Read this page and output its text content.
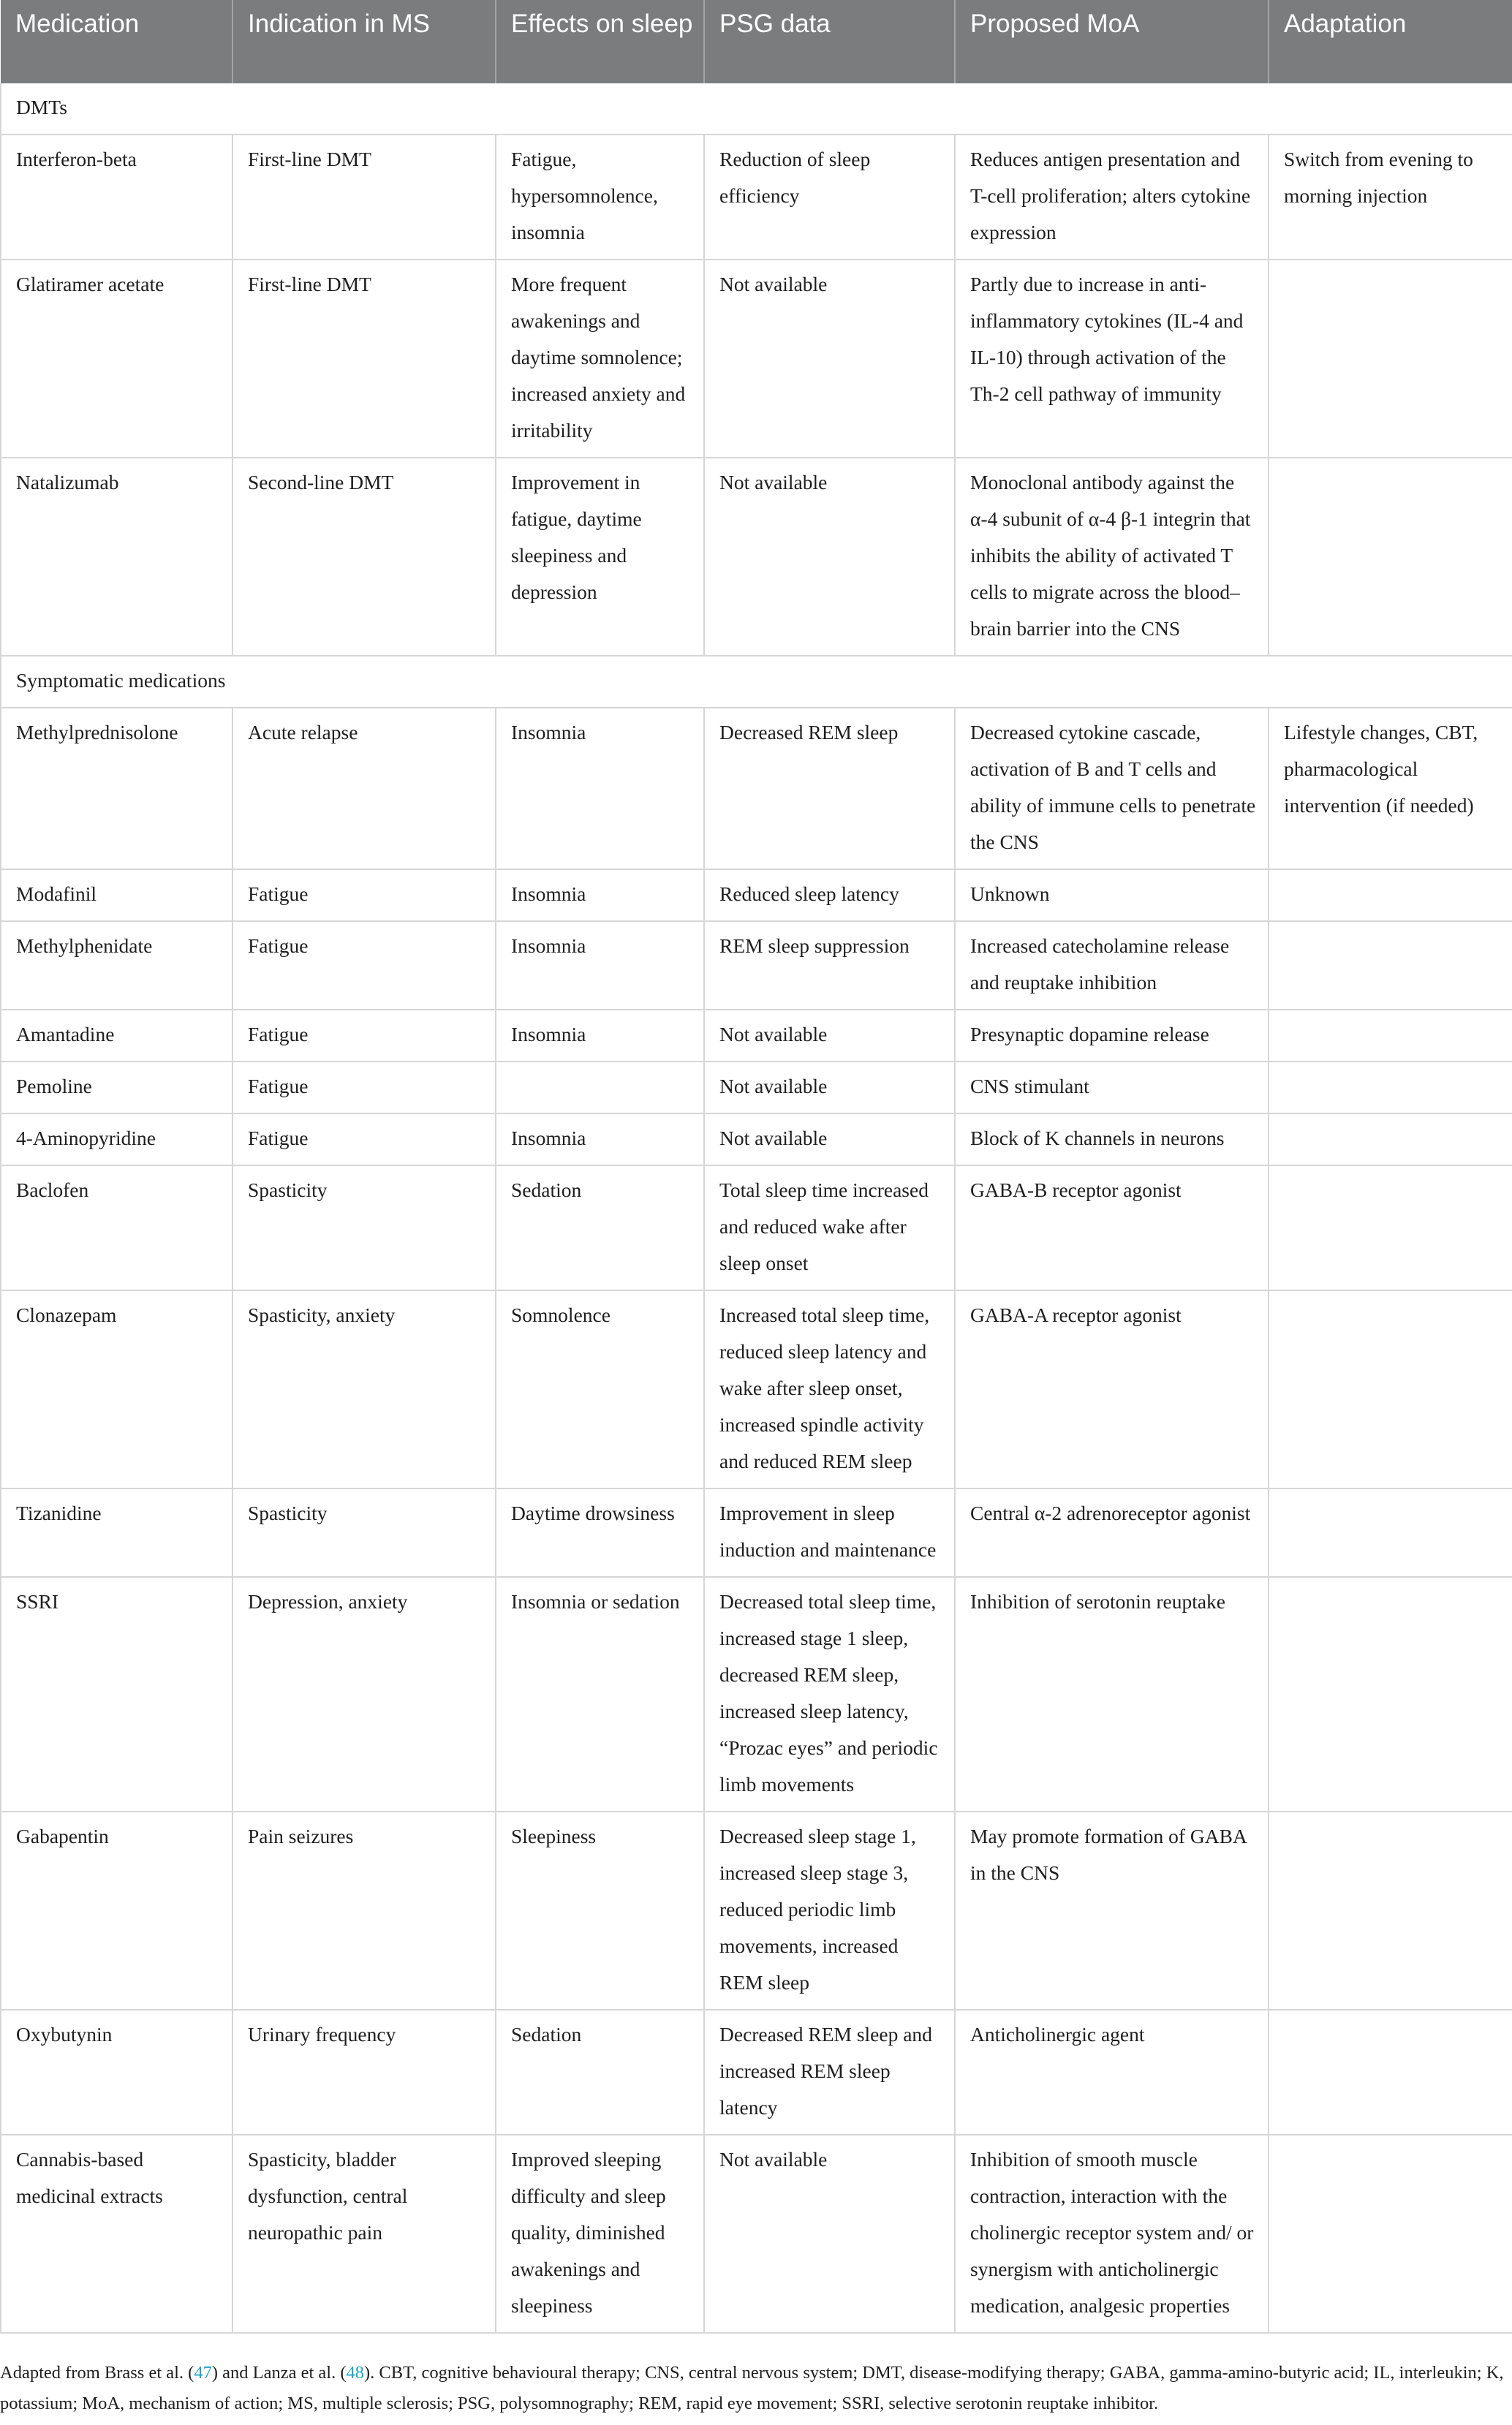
Medication	Indication in MS	Effects on sleep	PSG data	Proposed MoA	Adaptation
DMTs					
Interferon-beta	First-line DMT	Fatigue, hypersomnolence, insomnia	Reduction of sleep efficiency	Reduces antigen presentation and T-cell proliferation; alters cytokine expression	Switch from evening to morning injection
Glatiramer acetate	First-line DMT	More frequent awakenings and daytime somnolence; increased anxiety and irritability	Not available	Partly due to increase in anti-inflammatory cytokines (IL-4 and IL-10) through activation of the Th-2 cell pathway of immunity	
Natalizumab	Second-line DMT	Improvement in fatigue, daytime sleepiness and depression	Not available	Monoclonal antibody against the α-4 subunit of α-4 β-1 integrin that inhibits the ability of activated T cells to migrate across the blood–brain barrier into the CNS	
Symptomatic medications					
Methylprednisolone	Acute relapse	Insomnia	Decreased REM sleep	Decreased cytokine cascade, activation of B and T cells and ability of immune cells to penetrate the CNS	Lifestyle changes, CBT, pharmacological intervention (if needed)
Modafinil	Fatigue	Insomnia	Reduced sleep latency	Unknown	
Methylphenidate	Fatigue	Insomnia	REM sleep suppression	Increased catecholamine release and reuptake inhibition	
Amantadine	Fatigue	Insomnia	Not available	Presynaptic dopamine release	
Pemoline	Fatigue		Not available	CNS stimulant	
4-Aminopyridine	Fatigue	Insomnia	Not available	Block of K channels in neurons	
Baclofen	Spasticity	Sedation	Total sleep time increased and reduced wake after sleep onset	GABA-B receptor agonist	
Clonazepam	Spasticity, anxiety	Somnolence	Increased total sleep time, reduced sleep latency and wake after sleep onset, increased spindle activity and reduced REM sleep	GABA-A receptor agonist	
Tizanidine	Spasticity	Daytime drowsiness	Improvement in sleep induction and maintenance	Central α-2 adrenoreceptor agonist	
SSRI	Depression, anxiety	Insomnia or sedation	Decreased total sleep time, increased stage 1 sleep, decreased REM sleep, increased sleep latency, “Prozac eyes” and periodic limb movements	Inhibition of serotonin reuptake	
Gabapentin	Pain seizures	Sleepiness	Decreased sleep stage 1, increased sleep stage 3, reduced periodic limb movements, increased REM sleep	May promote formation of GABA in the CNS	
Oxybutynin	Urinary frequency	Sedation	Decreased REM sleep and increased REM sleep latency	Anticholinergic agent	
Cannabis-based medicinal extracts	Spasticity, bladder dysfunction, central neuropathic pain	Improved sleeping difficulty and sleep quality, diminished awakenings and sleepiness	Not available	Inhibition of smooth muscle contraction, interaction with the cholinergic receptor system and/ or synergism with anticholinergic medication, analgesic properties	
Adapted from Brass et al. (47) and Lanza et al. (48). CBT, cognitive behavioural therapy; CNS, central nervous system; DMT, disease-modifying therapy; GABA, gamma-amino-butyric acid; IL, interleukin; K, potassium; MoA, mechanism of action; MS, multiple sclerosis; PSG, polysomnography; REM, rapid eye movement; SSRI, selective serotonin reuptake inhibitor.
